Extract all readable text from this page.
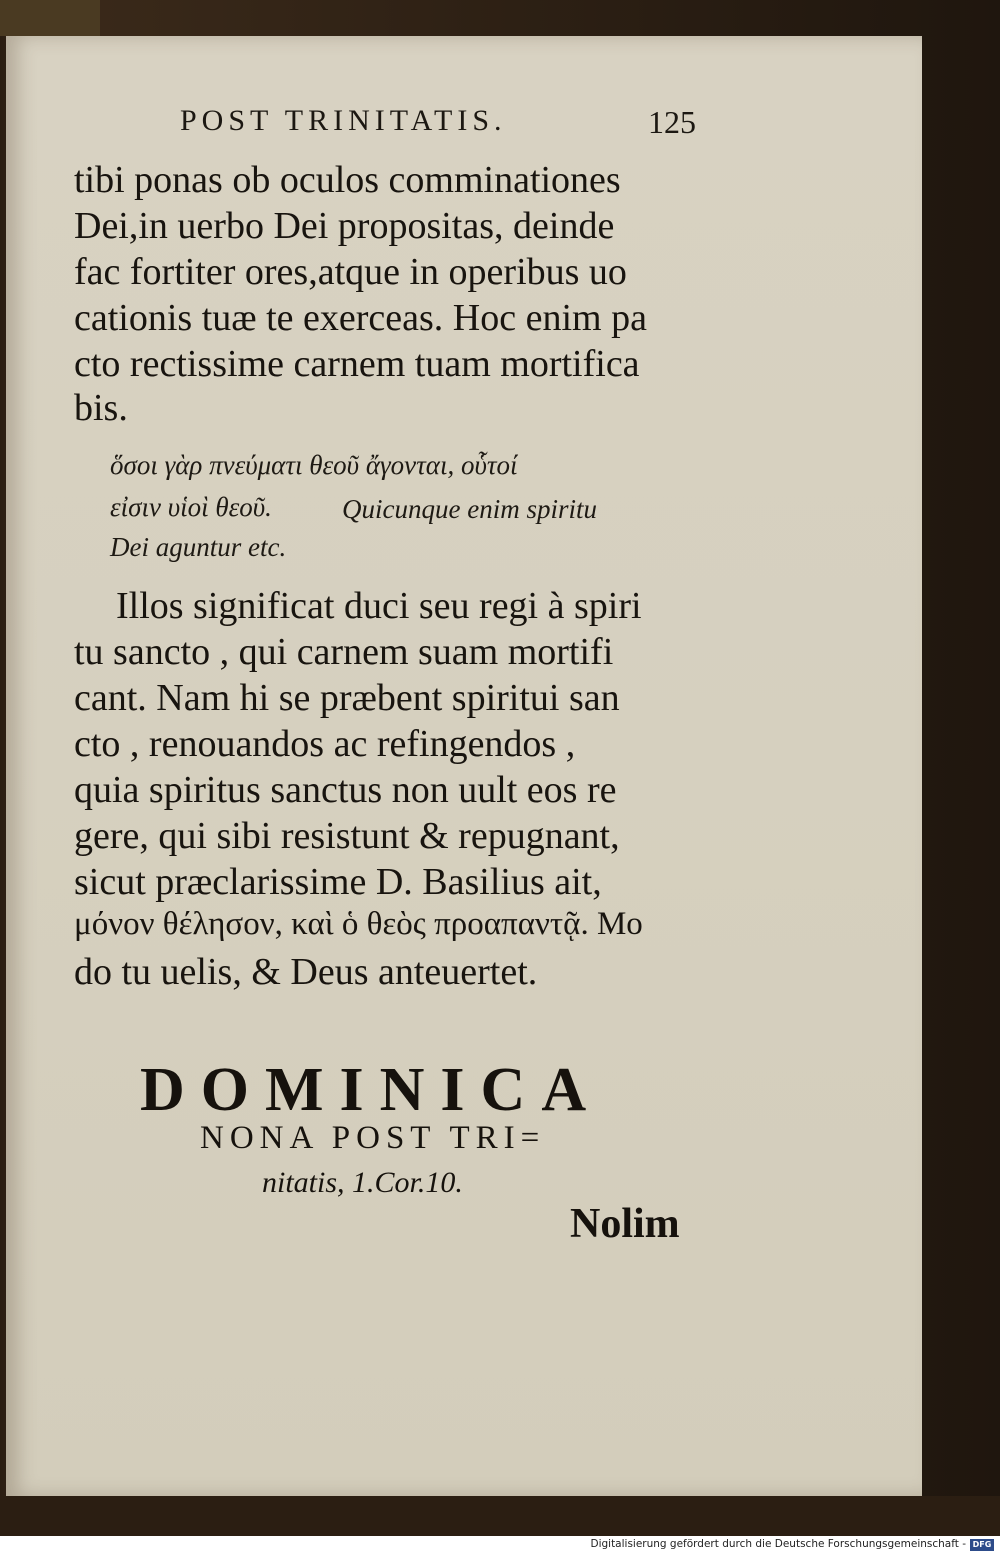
POST TRINITATIS.	125
tibi ponas ob oculos comminationes
Dei,in uerbo Dei propositas, deinde
fac fortiter ores,atque in operibus uo
cationis tuæ te exerceas. Hoc enim pa
cto rectissime carnem tuam mortifica
bis.
ὅσοι γὰρ πνεύματι θεοῦ ἄγονται, οὗτοί
εἰσιν υἱοὶ θεοῦ.	Quicunque enim spiritu
Dei aguntur etc.
Illos significat duci seu regi à spiri
tu sancto , qui carnem suam mortifi
cant. Nam hi se præbent spiritui san
cto , renouandos ac refingendos ,
quia spiritus sanctus non uult eos re
gere, qui sibi resistunt & repugnant,
sicut præclarissime D. Basilius ait,
μόνον θέλησον, καὶ ὁ θεὸς προαπαντᾷ. Mo
do tu uelis, & Deus anteuertet.
DOMINICA
NONA POST TRI=
nitatis, 1.Cor.10.
Nolim
Digitalisierung gefördert durch die Deutsche Forschungsgemeinschaft - DFG
